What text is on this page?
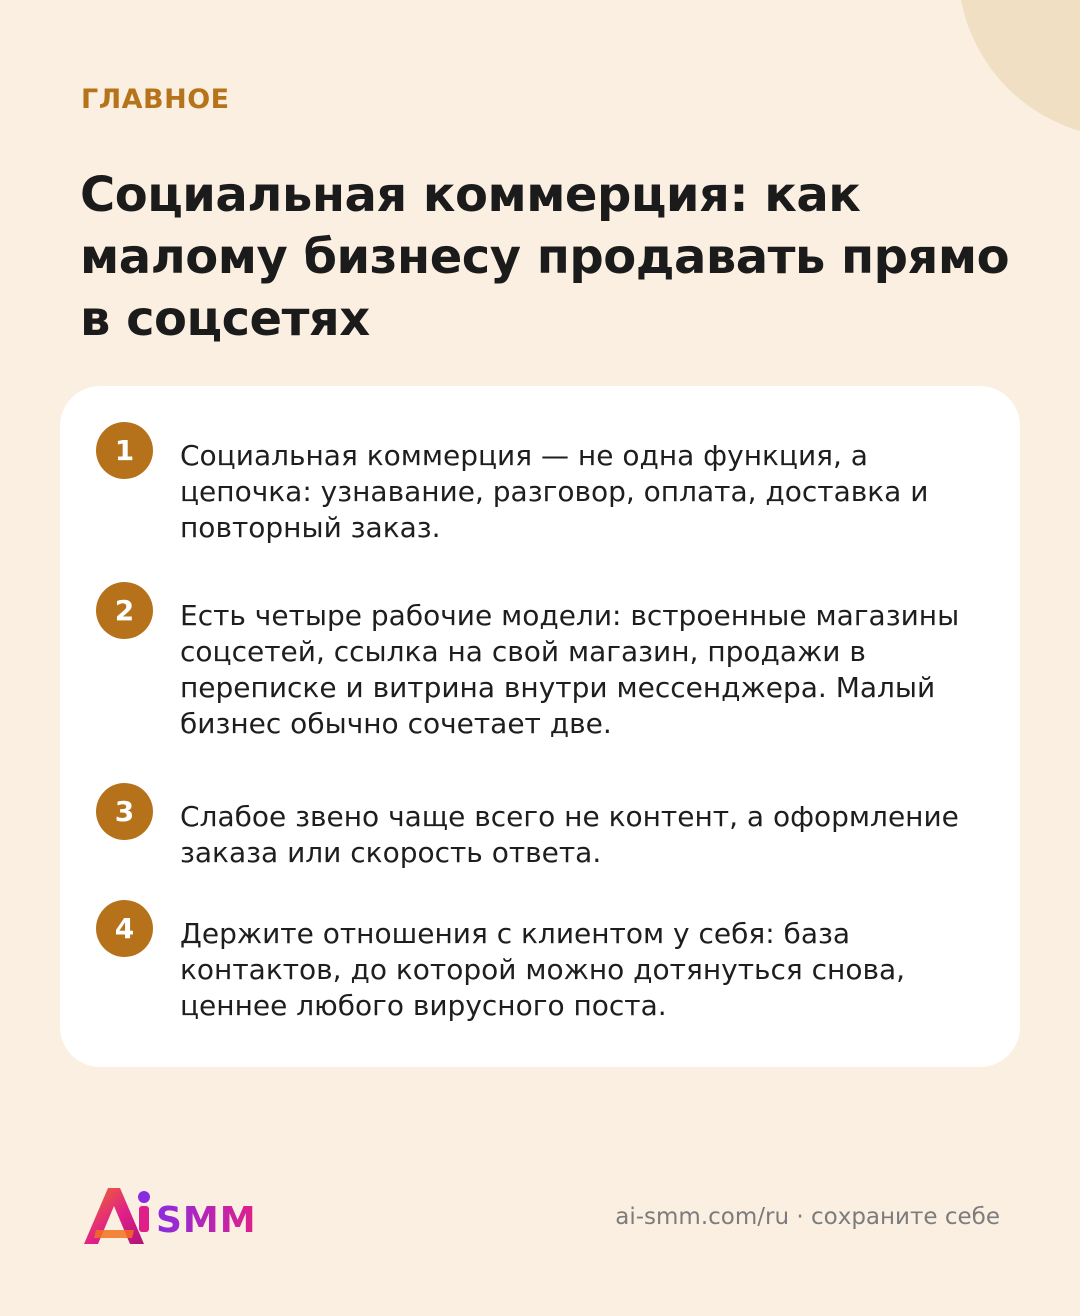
ГЛАВНОЕ
Социальная коммерция: как малому бизнесу продавать прямо в соцсетях
1	Социальная коммерция — не одна функция, а цепочка: узнавание, разговор, оплата, доставка и повторный заказ.
2	Есть четыре рабочие модели: встроенные магазины соцсетей, ссылка на свой магазин, продажи в переписке и витрина внутри мессенджера. Малый бизнес обычно сочетает две.
3	Слабое звено чаще всего не контент, а оформление заказа или скорость ответа.
4	Держите отношения с клиентом у себя: база контактов, до которой можно дотянуться снова, ценнее любого вирусного поста.
SMM	ai-smm.com/ru · сохраните себе
